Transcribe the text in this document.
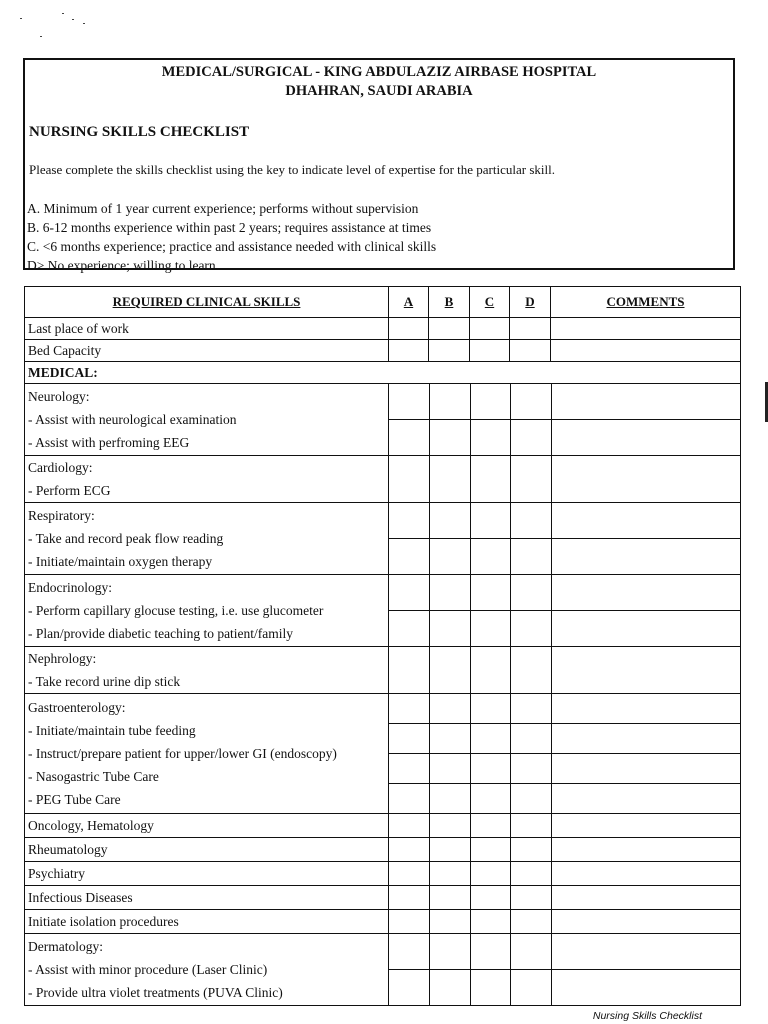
MEDICAL/SURGICAL - KING ABDULAZIZ AIRBASE HOSPITAL
DHAHRAN, SAUDI ARABIA
NURSING SKILLS CHECKLIST
Please complete the skills checklist using the key to indicate level of expertise for the particular skill.
A. Minimum of 1 year current experience; performs without supervision
B. 6-12 months experience within past 2 years; requires assistance at times
C. <6 months experience; practice and assistance needed with clinical skills
D> No experience; willing to learn
REQUIRED CLINICAL SKILLS	A	B	C	D	COMMENTS
Last place of work					
Bed Capacity					
MEDICAL:

Neurology:
- Assist with neurological examination
- Assist with perfroming EEG

Cardiology:
- Perform ECG

Respiratory:
- Take and record peak flow reading
- Initiate/maintain oxygen therapy

Endocrinology:
- Perform capillary glocuse testing, i.e. use glucometer
- Plan/provide diabetic teaching to patient/family

Nephrology:
- Take record urine dip stick

Gastroenterology:
- Initiate/maintain tube feeding
- Instruct/prepare patient for upper/lower GI (endoscopy)
- Nasogastric Tube Care
- PEG Tube Care

Oncology, Hematology

Rheumatology

Psychiatry

Infectious Diseases

Initiate isolation procedures

Dermatology:
- Assist with minor procedure (Laser Clinic)
- Provide ultra violet treatments (PUVA Clinic)

Nursing Skills Checklist
